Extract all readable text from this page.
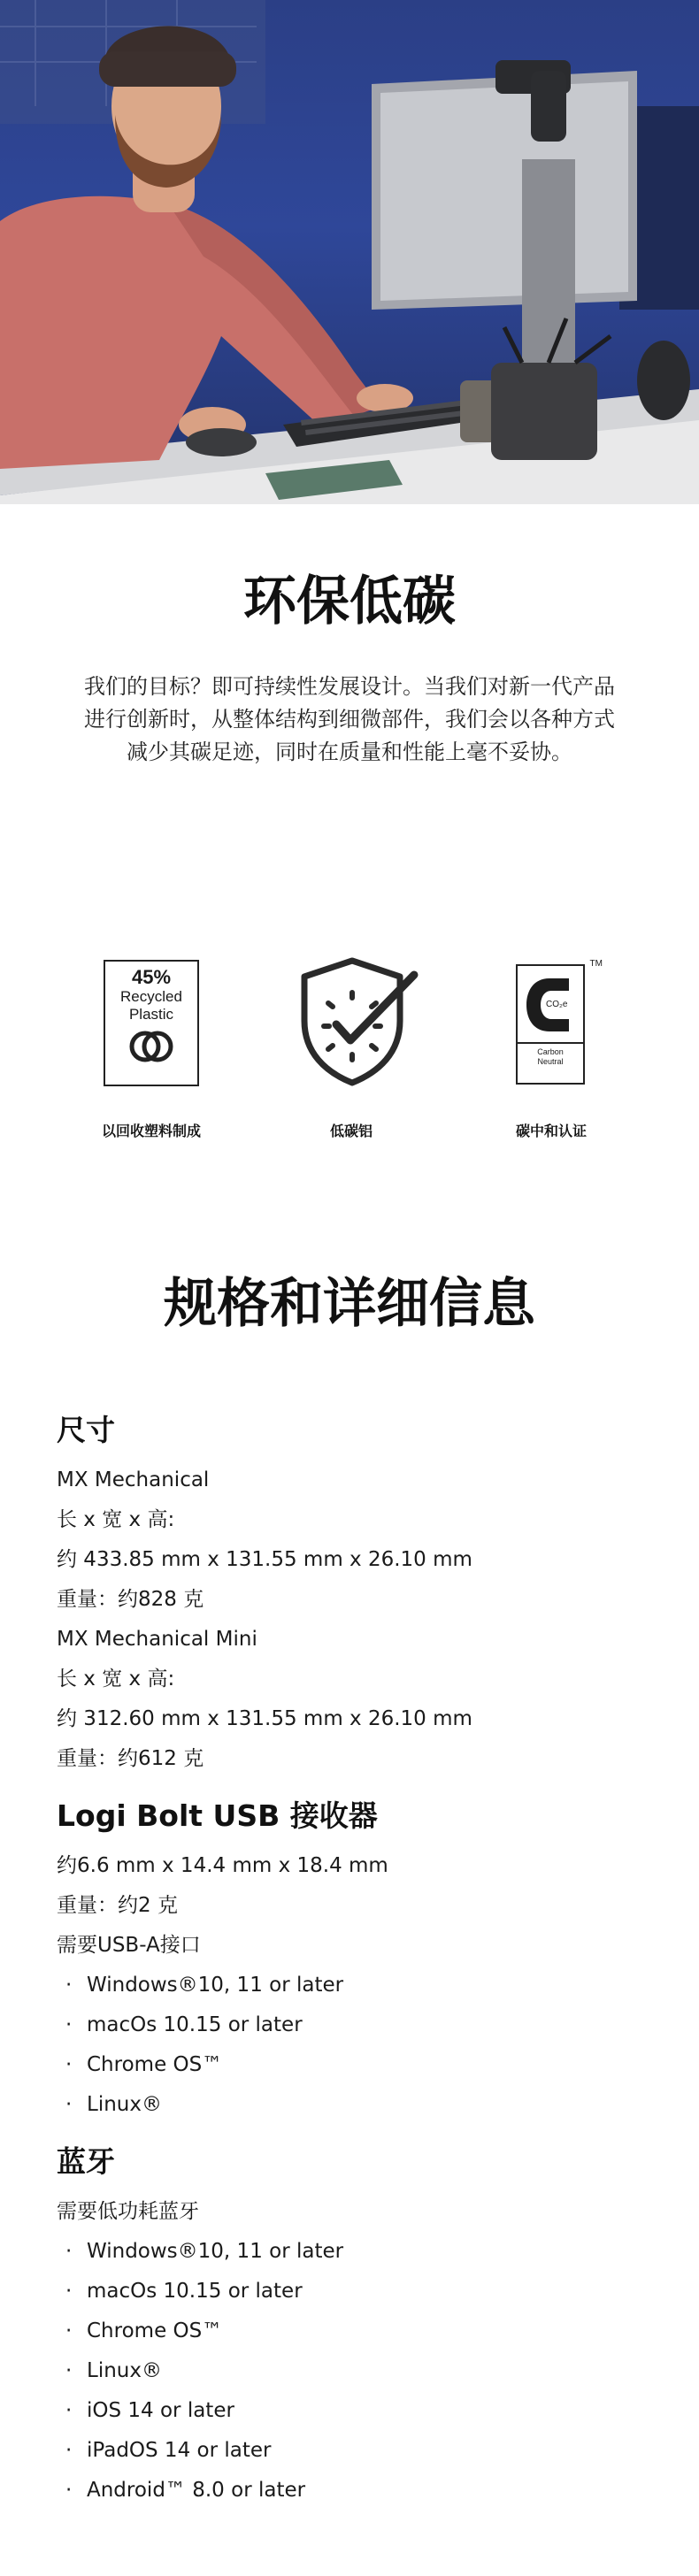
环保低碳
我们的目标？即可持续性发展设计。当我们对新一代产品
进行创新时，从整体结构到细微部件，我们会以各种方式
减少其碳足迹，同时在质量和性能上毫不妥协。
45%
Recycled
Plastic
以回收塑料制成	低碳铝
TM
CO₂e
Carbon
Neutral
碳中和认证
规格和详细信息
尺寸
MX Mechanical
长 x 宽 x 高:
约 433.85 mm x 131.55 mm x 26.10 mm
重量：约828 克
MX Mechanical Mini
长 x 宽 x 高:
约 312.60 mm x 131.55 mm x 26.10 mm
重量：约612 克
Logi Bolt USB 接收器
约6.6 mm x 14.4 mm x 18.4 mm
重量：约2 克
需要USB-A接口
· Windows®10, 11 or later
· macOs 10.15 or later
· Chrome OS™
· Linux®
蓝牙
需要低功耗蓝牙
· Windows®10, 11 or later
· macOs 10.15 or later
· Chrome OS™
· Linux®
· iOS 14 or later
· iPadOS 14 or later
· Android™ 8.0 or later
